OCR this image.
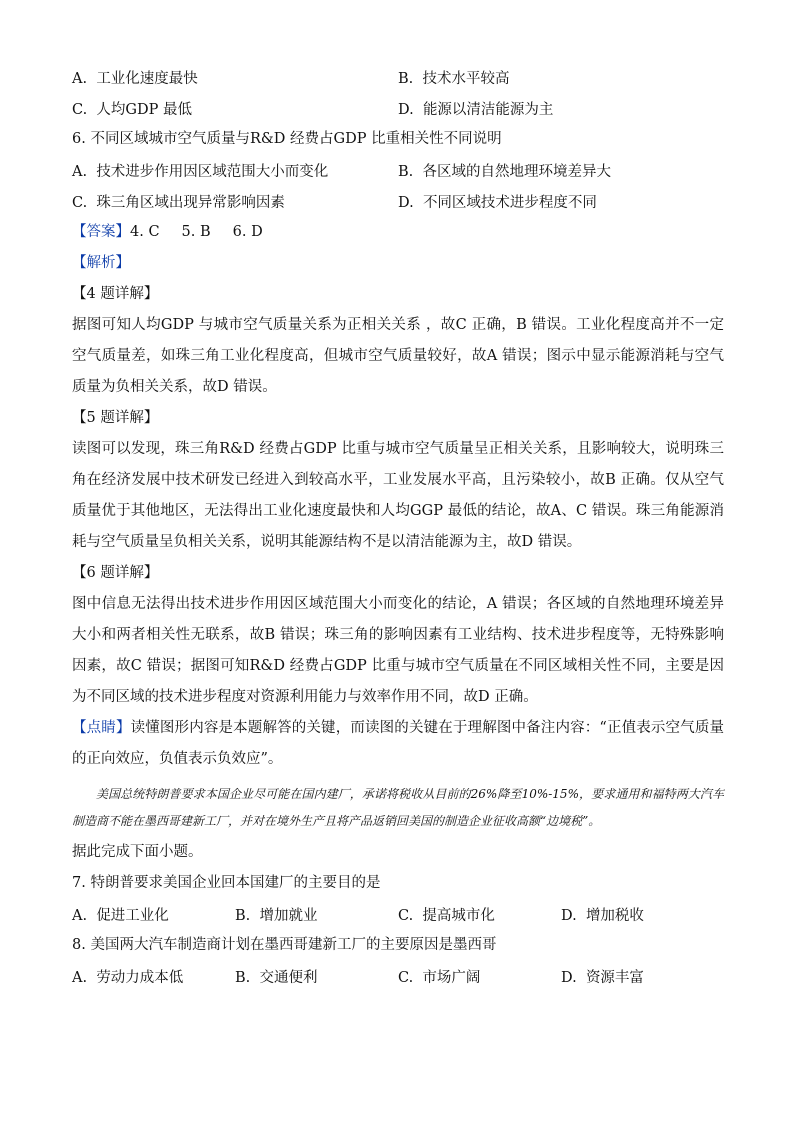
A. 工业化速度最快	B. 技术水平较高
C. 人均GDP 最低	D. 能源以清洁能源为主
6. 不同区域城市空气质量与R&D 经费占GDP 比重相关性不同说明
A. 技术进步作用因区域范围大小而变化	B. 各区域的自然地理环境差异大
C. 珠三角区域出现异常影响因素	D. 不同区域技术进步程度不同
【答案】4. C 5. B 6. D
【解析】
【4 题详解】
据图可知人均GDP 与城市空气质量关系为正相关关系 ，故C 正确，B 错误。工业化程度高并不一定空气质量差，如珠三角工业化程度高，但城市空气质量较好，故A 错误；图示中显示能源消耗与空气质量为负相关关系，故D 错误。
【5 题详解】
读图可以发现，珠三角R&D 经费占GDP 比重与城市空气质量呈正相关关系，且影响较大，说明珠三角在经济发展中技术研发已经进入到较高水平，工业发展水平高，且污染较小，故B 正确。仅从空气质量优于其他地区，无法得出工业化速度最快和人均GGP 最低的结论，故A、C 错误。珠三角能源消耗与空气质量呈负相关关系，说明其能源结构不是以清洁能源为主，故D 错误。
【6 题详解】
图中信息无法得出技术进步作用因区域范围大小而变化的结论，A 错误；各区域的自然地理环境差异大小和两者相关性无联系，故B 错误；珠三角的影响因素有工业结构、技术进步程度等，无特殊影响因素，故C 错误；据图可知R&D 经费占GDP 比重与城市空气质量在不同区域相关性不同，主要是因为不同区域的技术进步程度对资源利用能力与效率作用不同，故D 正确。
【点睛】读懂图形内容是本题解答的关键，而读图的关键在于理解图中备注内容：“正值表示空气质量的正向效应，负值表示负效应”。
美国总统特朗普要求本国企业尽可能在国内建厂，承诺将税收从目前的26%降至10%-15%，要求通用和福特两大汽车制造商不能在墨西哥建新工厂，并对在境外生产且将产品返销回美国的制造企业征收高额“边境税”。
据此完成下面小题。
7. 特朗普要求美国企业回本国建厂的主要目的是
A. 促进工业化	B. 增加就业	C. 提高城市化	D. 增加税收
8. 美国两大汽车制造商计划在墨西哥建新工厂的主要原因是墨西哥
A. 劳动力成本低	B. 交通便利	C. 市场广阔	D. 资源丰富
